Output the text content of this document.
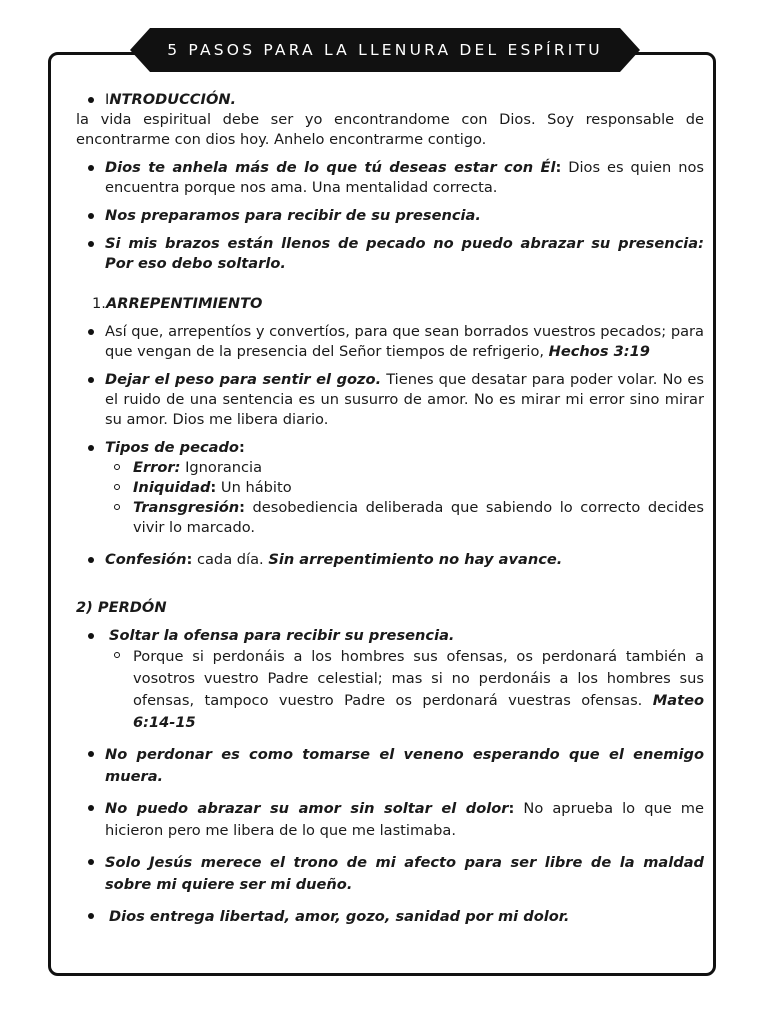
5 PASOS PARA LA LLENURA DEL ESPÍRITU
INTRODUCCIÓN.

la vida espiritual debe ser yo encontrandome con Dios. Soy responsable de encontrarme con dios hoy. Anhelo encontrarme contigo.

Dios te anhela más de lo que tú deseas estar con Él: Dios es quien nos encuentra porque nos ama. Una mentalidad correcta.
Nos preparamos para recibir de su presencia.
Si mis brazos están llenos de pecado no puedo abrazar su presencia: Por eso debo soltarlo.

1.ARREPENTIMIENTO

Así que, arrepentíos y convertíos, para que sean borrados vuestros pecados; para que vengan de la presencia del Señor tiempos de refrigerio, Hechos 3:19
Dejar el peso para sentir el gozo. Tienes que desatar para poder volar. No es el ruido de una sentencia es un susurro de amor. No es mirar mi error sino mirar su amor. Dios me libera diario.
Tipos de pecado:
Error: Ignorancia
Iniquidad: Un hábito
Transgresión: desobediencia deliberada que sabiendo lo correcto decides vivir lo marcado.
Confesión: cada día. Sin arrepentimiento no hay avance.

2) PERDÓN

Soltar la ofensa para recibir su presencia.
Porque si perdonáis a los hombres sus ofensas, os perdonará también a vosotros vuestro Padre celestial; mas si no perdonáis a los hombres sus ofensas, tampoco vuestro Padre os perdonará vuestras ofensas. Mateo 6:14-15
No perdonar es como tomarse el veneno esperando que el enemigo muera.
No puedo abrazar su amor sin soltar el dolor: No aprueba lo que me hicieron pero me libera de lo que me lastimaba.
Solo Jesús merece el trono de mi afecto para ser libre de la maldad sobre mi quiere ser mi dueño.
Dios entrega libertad, amor, gozo, sanidad por mi dolor.
